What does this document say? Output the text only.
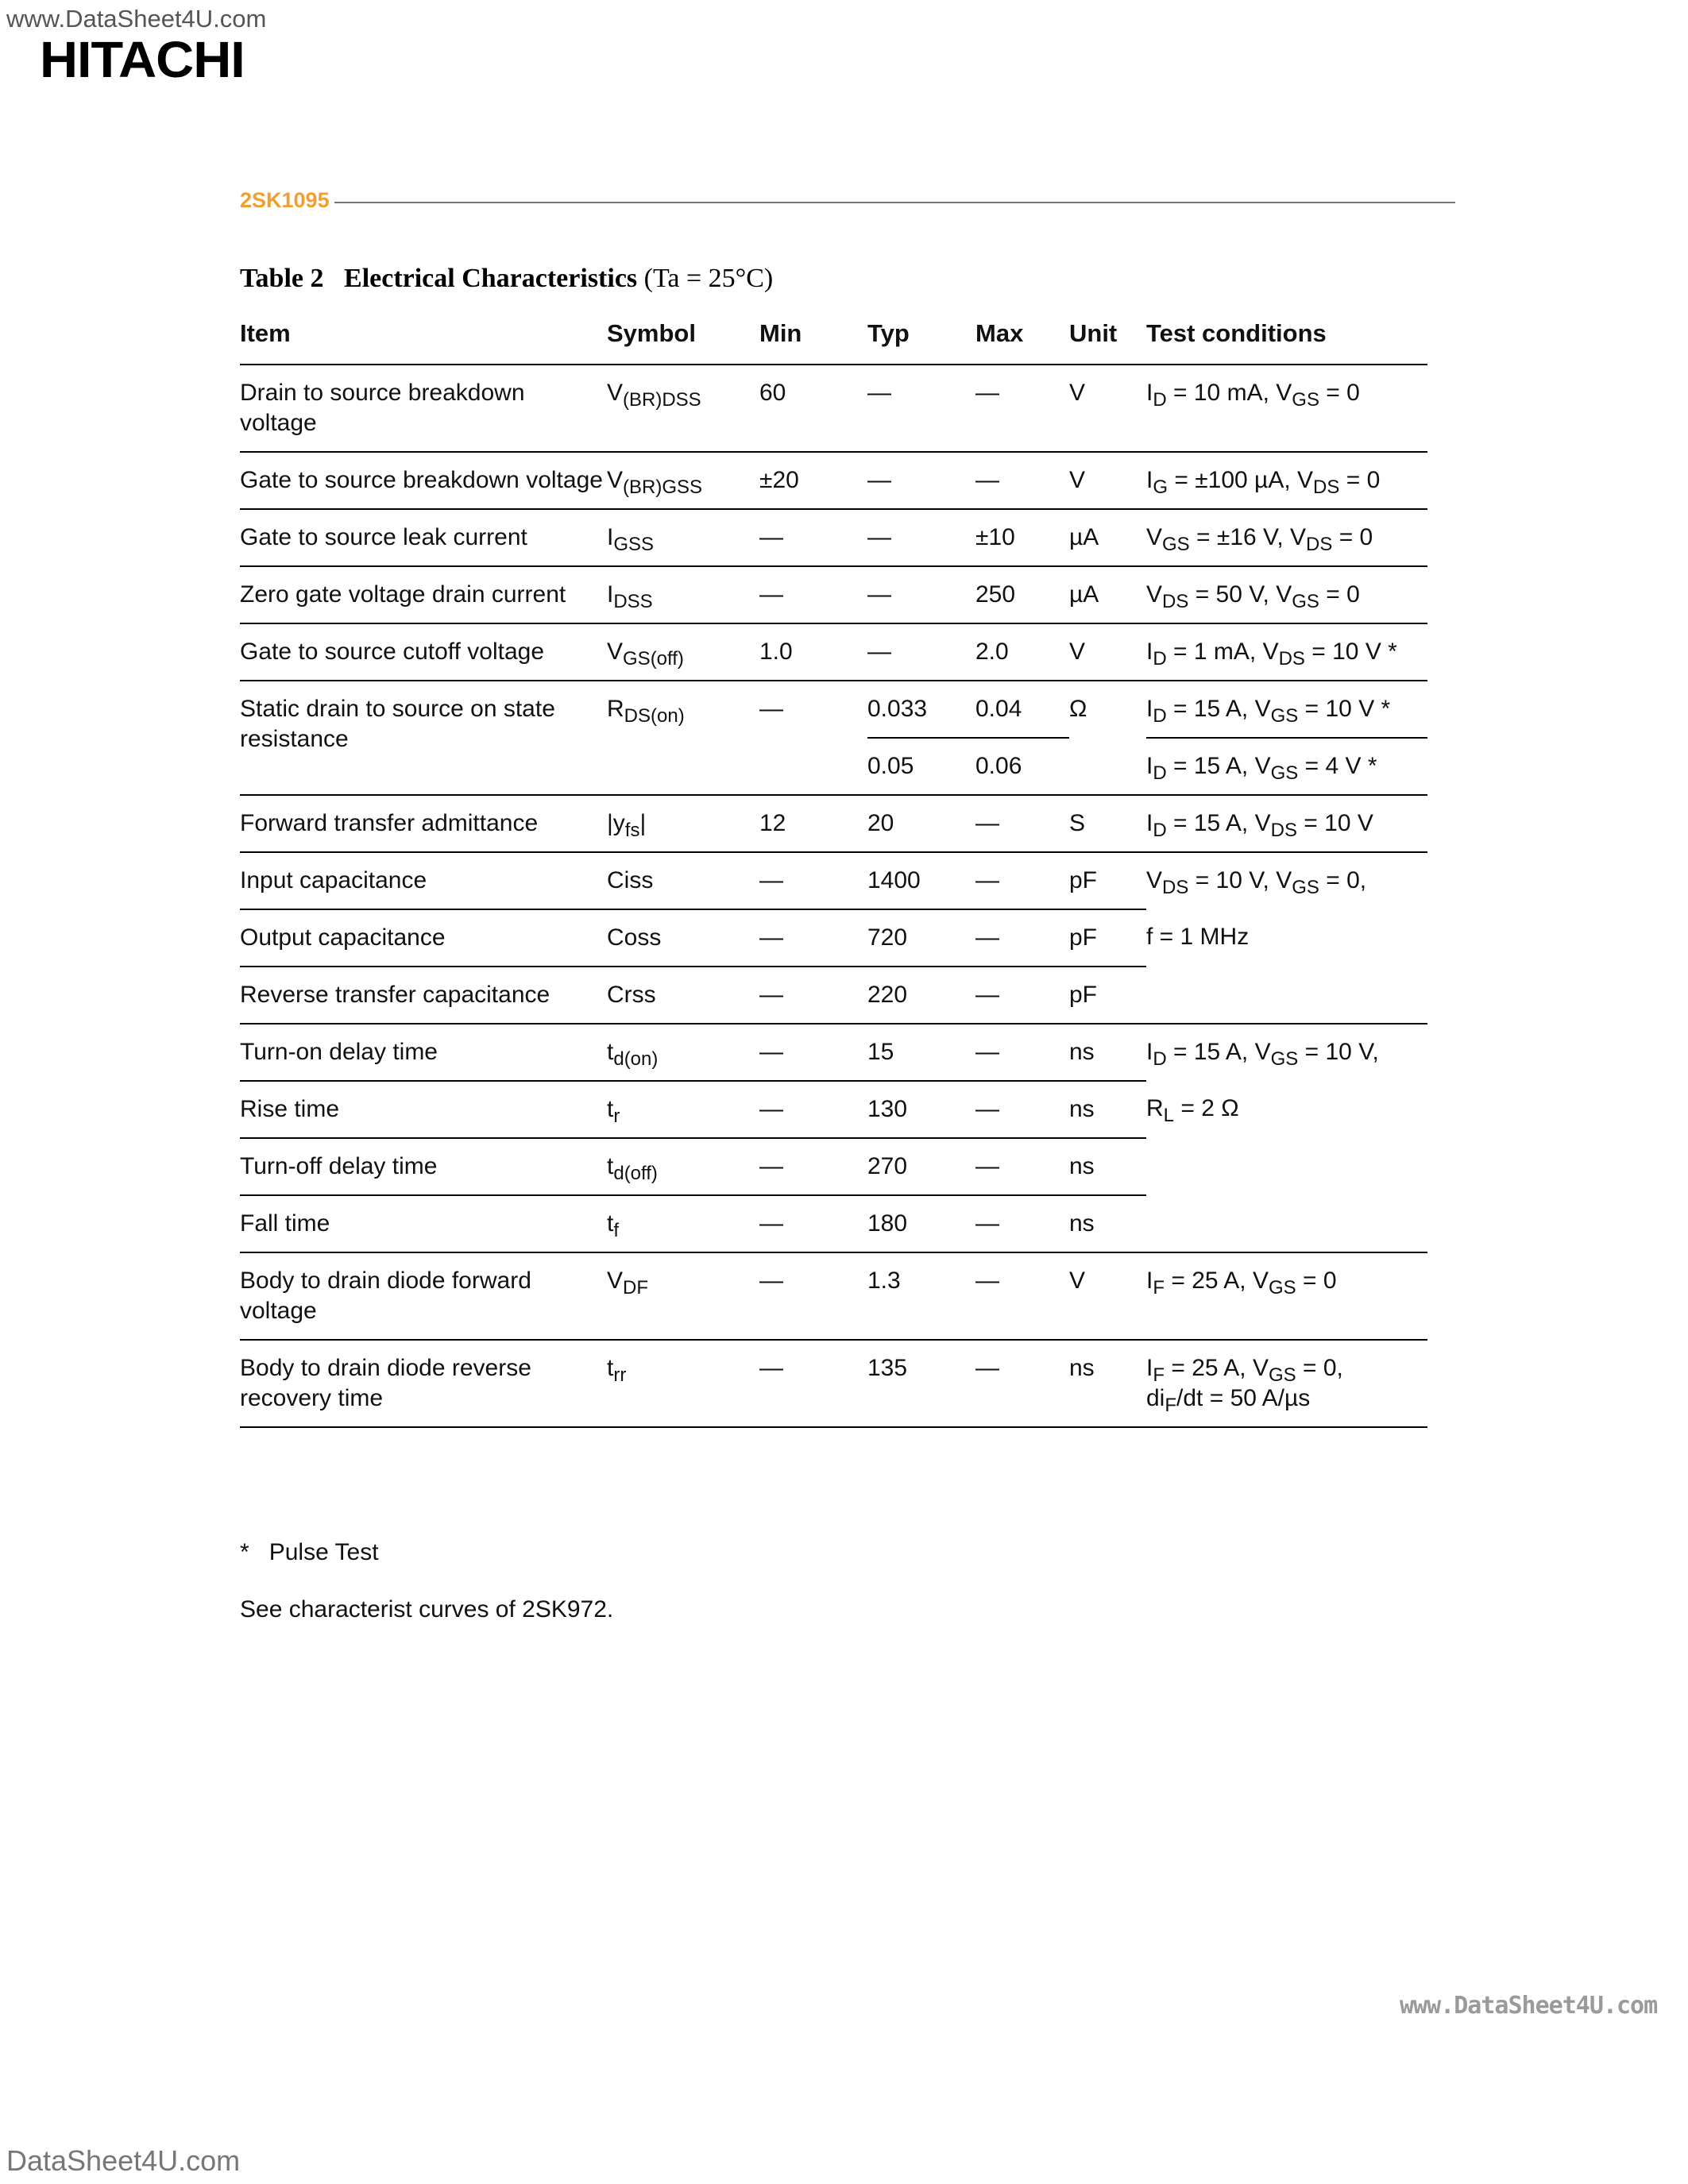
www.DataSheet4U.com
HITACHI
2SK1095
Table 2 Electrical Characteristics (Ta = 25°C)
Item	Symbol	Min	Typ	Max	Unit	Test conditions
Drain to source breakdown voltage	$V_{(BR)DSS}$	60	—	—	V	$I_D = 10$ mA, $V_{GS} = 0$
Gate to source breakdown voltage	$V_{(BR)GSS}$	±20	—	—	V	$I_G = \pm 100$ µA, $V_{DS} = 0$
Gate to source leak current	$I_{GSS}$	—	—	±10	µA	$V_{GS} = \pm 16$ V, $V_{DS} = 0$
Zero gate voltage drain current	$I_{DSS}$	—	—	250	µA	$V_{DS} = 50$ V, $V_{GS} = 0$
Gate to source cutoff voltage	$V_{GS(off)}$	1.0	—	2.0	V	$I_D = 1$ mA, $V_{DS} = 10$ V *
Static drain to source on state resistance	$R_{DS(on)}$	—	0.033	0.04	Ω	$I_D = 15$ A, $V_{GS} = 10$ V *
			0.05	0.06		$I_D = 15$ A, $V_{GS} = 4$ V *
Forward transfer admittance	$|y_{fs}|$	12	20	—	S	$I_D = 15$ A, $V_{DS} = 10$ V
Input capacitance	Ciss	—	1400	—	pF	$V_{DS} = 10$ V, $V_{GS} = 0$,
Output capacitance	Coss	—	720	—	pF	f = 1 MHz
Reverse transfer capacitance	Crss	—	220	—	pF	
Turn-on delay time	$t_{d(on)}$	—	15	—	ns	$I_D = 15$ A, $V_{GS} = 10$ V,
Rise time	$t_r$	—	130	—	ns	$R_L = 2$ Ω
Turn-off delay time	$t_{d(off)}$	—	270	—	ns	
Fall time	$t_f$	—	180	—	ns	
Body to drain diode forward voltage	$V_{DF}$	—	1.3	—	V	$I_F = 25$ A, $V_{GS} = 0$
Body to drain diode reverse recovery time	$t_{rr}$	—	135	—	ns	$I_F = 25$ A, $V_{GS} = 0$,
$di_F/dt = 50$ A/µs
* Pulse Test
See characterist curves of 2SK972.
www.DataSheet4U.com
DataSheet4U.com
